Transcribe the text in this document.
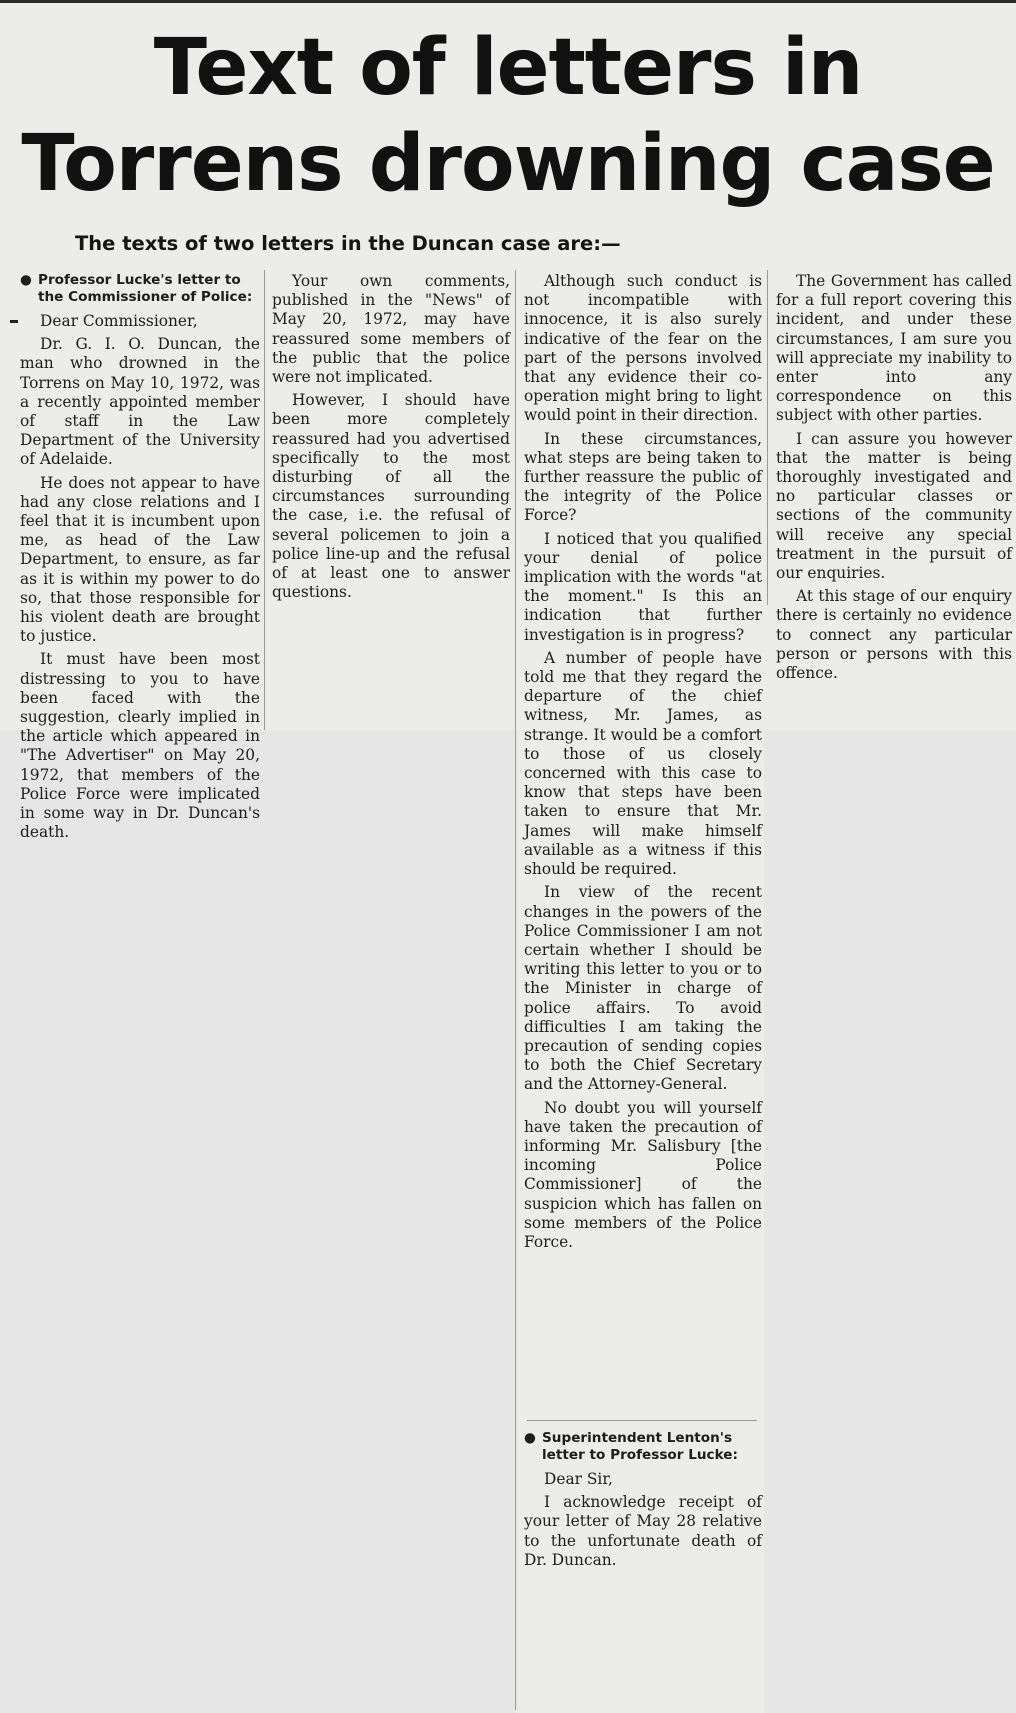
Text of letters in Torrens drowning case
The texts of two letters in the Duncan case are:—
● Professor Lucke's letter to the Commissioner of Police:

Dear Commissioner,

Dr. G. I. O. Duncan, the man who drowned in the Torrens on May 10, 1972, was a recently appointed member of staff in the Law Department of the University of Adelaide.

He does not appear to have had any close relations and I feel that it is incumbent upon me, as head of the Law Department, to ensure, as far as it is within my power to do so, that those responsible for his violent death are brought to justice.

It must have been most distressing to you to have been faced with the suggestion, clearly implied in the article which appeared in "The Advertiser" on May 20, 1972, that members of the Police Force were implicated in some way in Dr. Duncan's death.

Your own comments, published in the "News" of May 20, 1972, may have reassured some members of the public that the police were not implicated.

However, I should have been more completely reassured had you advertised specifically to the most disturbing of all the circumstances surrounding the case, i.e. the refusal of several policemen to join a police line-up and the refusal of at least one to answer questions.

Although such conduct is not incompatible with innocence, it is also surely indicative of the fear on the part of the persons involved that any evidence their co-operation might bring to light would point in their direction.

In these circumstances, what steps are being taken to further reassure the public of the integrity of the Police Force?

I noticed that you qualified your denial of police implication with the words "at the moment." Is this an indication that further investigation is in progress?

A number of people have told me that they regard the departure of the chief witness, Mr. James, as strange. It would be a comfort to those of us closely concerned with this case to know that steps have been taken to ensure that Mr. James will make himself available as a witness if this should be required.

In view of the recent changes in the powers of the Police Commissioner I am not certain whether I should be writing this letter to you or to the Minister in charge of police affairs. To avoid difficulties I am taking the precaution of sending copies to both the Chief Secretary and the Attorney-General.

No doubt you will yourself have taken the precaution of informing Mr. Salisbury [the incoming Police Commissioner] of the suspicion which has fallen on some members of the Police Force.

● Superintendent Lenton's letter to Professor Lucke:

Dear Sir,

I acknowledge receipt of your letter of May 28 relative to the unfortunate death of Dr. Duncan.

The Government has called for a full report covering this incident, and under these circumstances, I am sure you will appreciate my inability to enter into any correspondence on this subject with other parties.

I can assure you however that the matter is being thoroughly investigated and no particular classes or sections of the community will receive any special treatment in the pursuit of our enquiries.

At this stage of our enquiry there is certainly no evidence to connect any particular person or persons with this offence.
